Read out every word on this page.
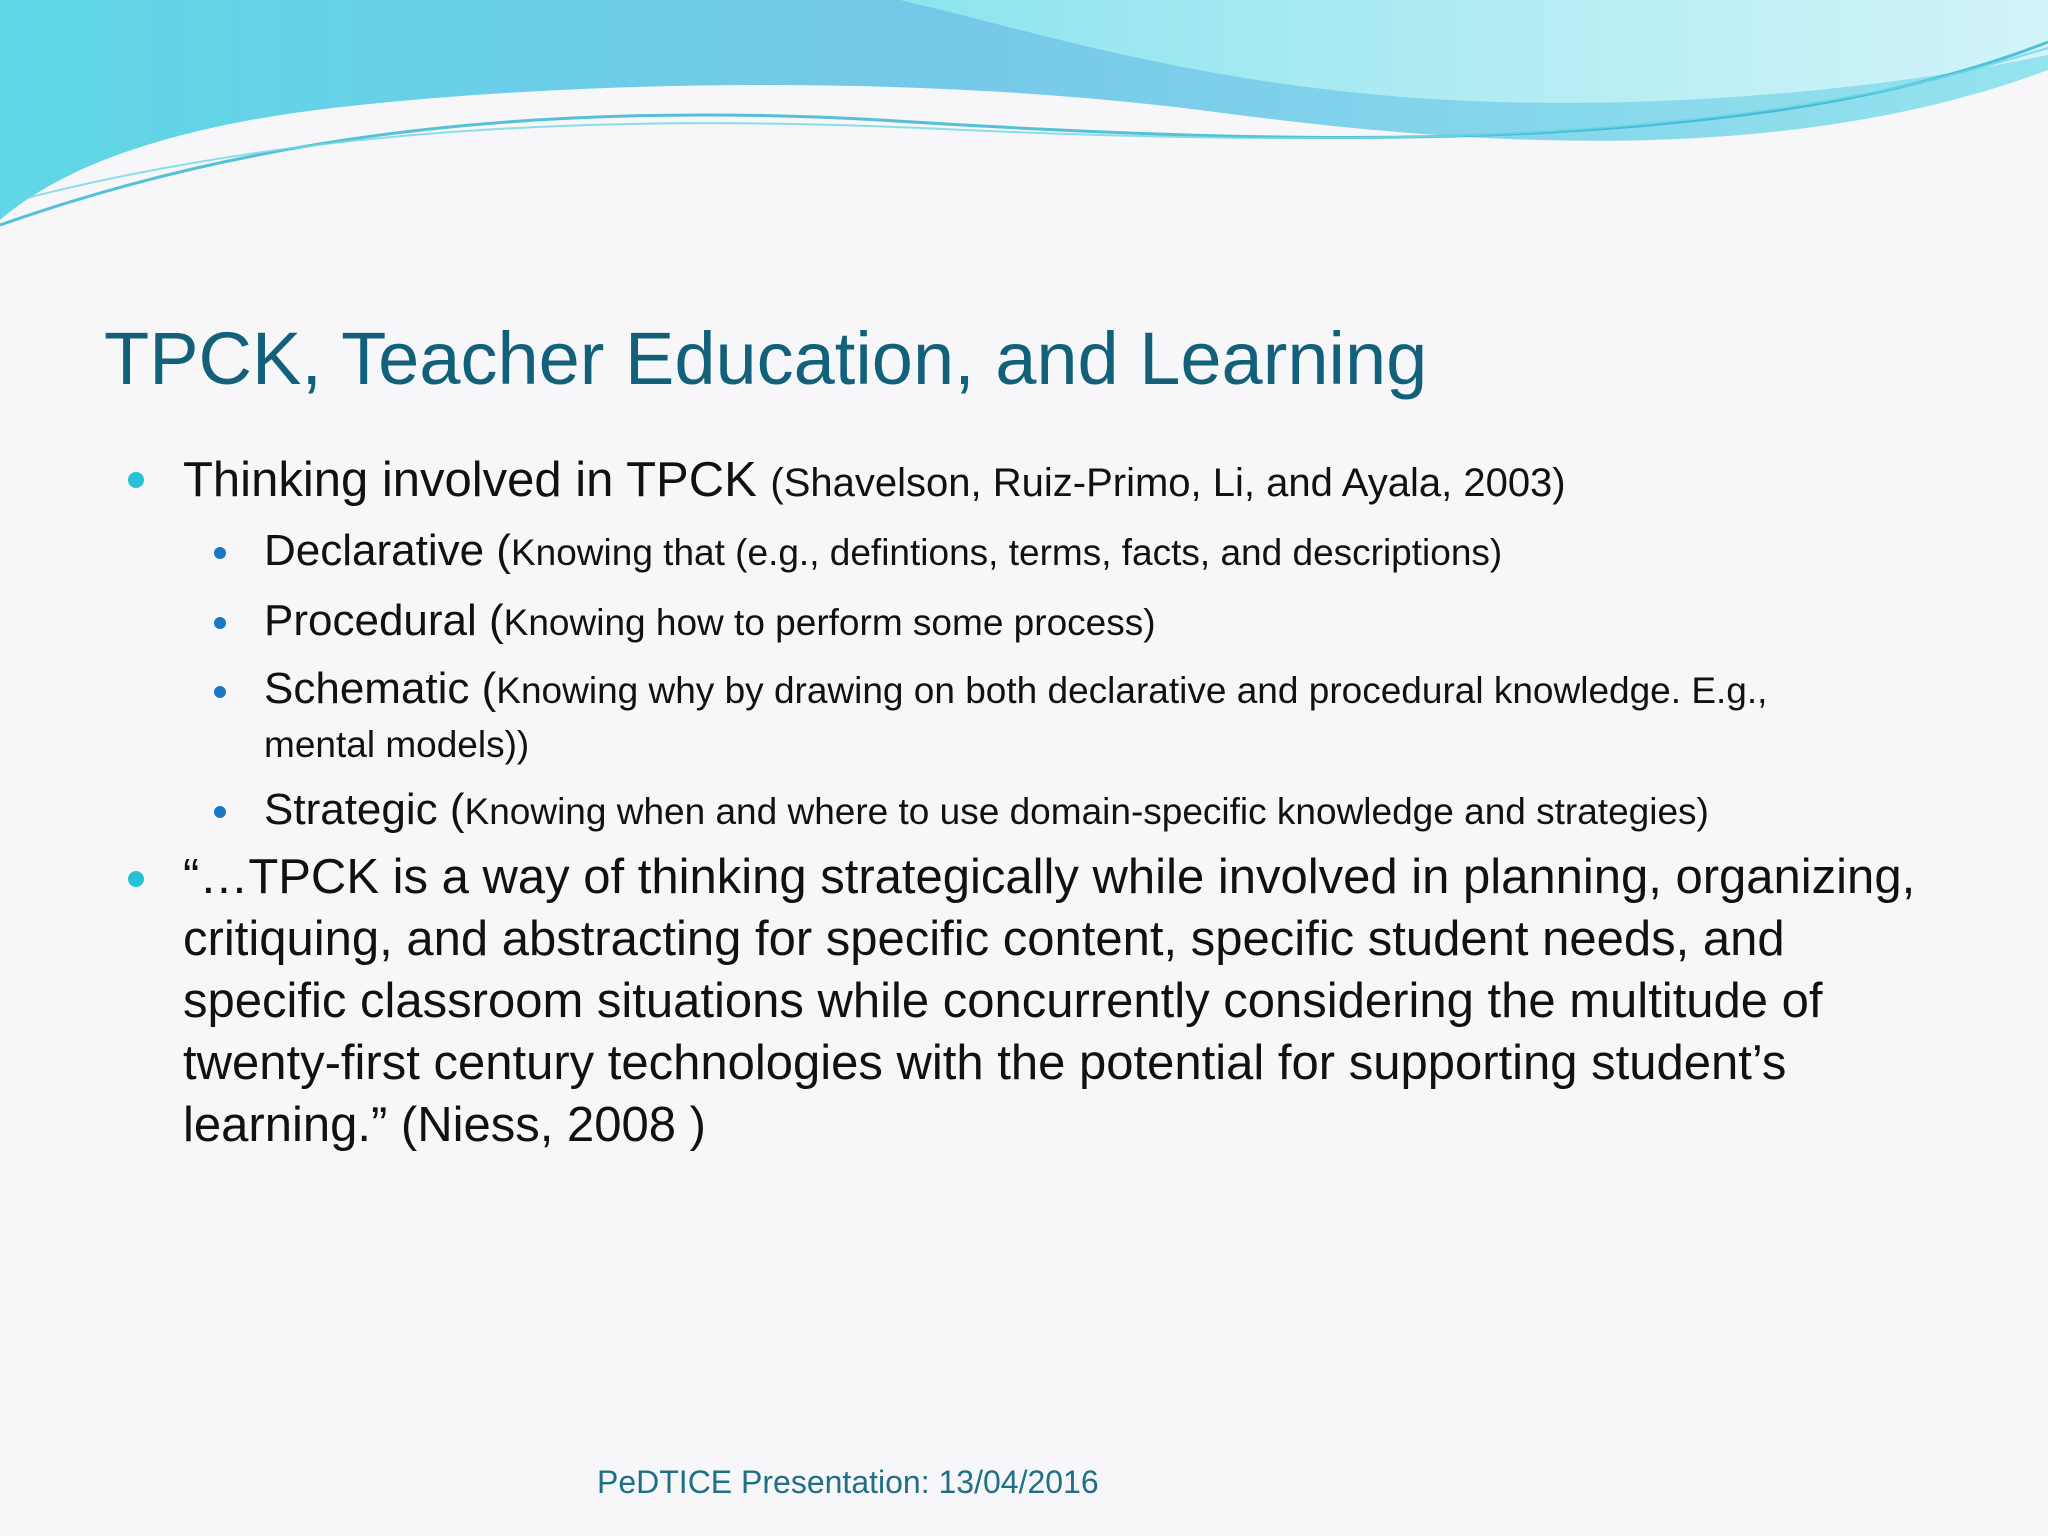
TPCK, Teacher Education, and Learning
Thinking involved in TPCK (Shavelson, Ruiz-Primo, Li, and Ayala, 2003)
Declarative (Knowing that (e.g., defintions, terms, facts, and descriptions)
Procedural (Knowing how to perform some process)
Schematic (Knowing why by drawing on both declarative and procedural knowledge. E.g.,
mental models))
Strategic (Knowing when and where to use domain-specific knowledge and strategies)
“…TPCK is a way of thinking strategically while involved in planning, organizing, critiquing, and abstracting for specific content, specific student needs, and specific classroom situations while concurrently considering the multitude of twenty-first century technologies with the potential for supporting student’s learning.” (Niess, 2008 )
PeDTICE Presentation: 13/04/2016
